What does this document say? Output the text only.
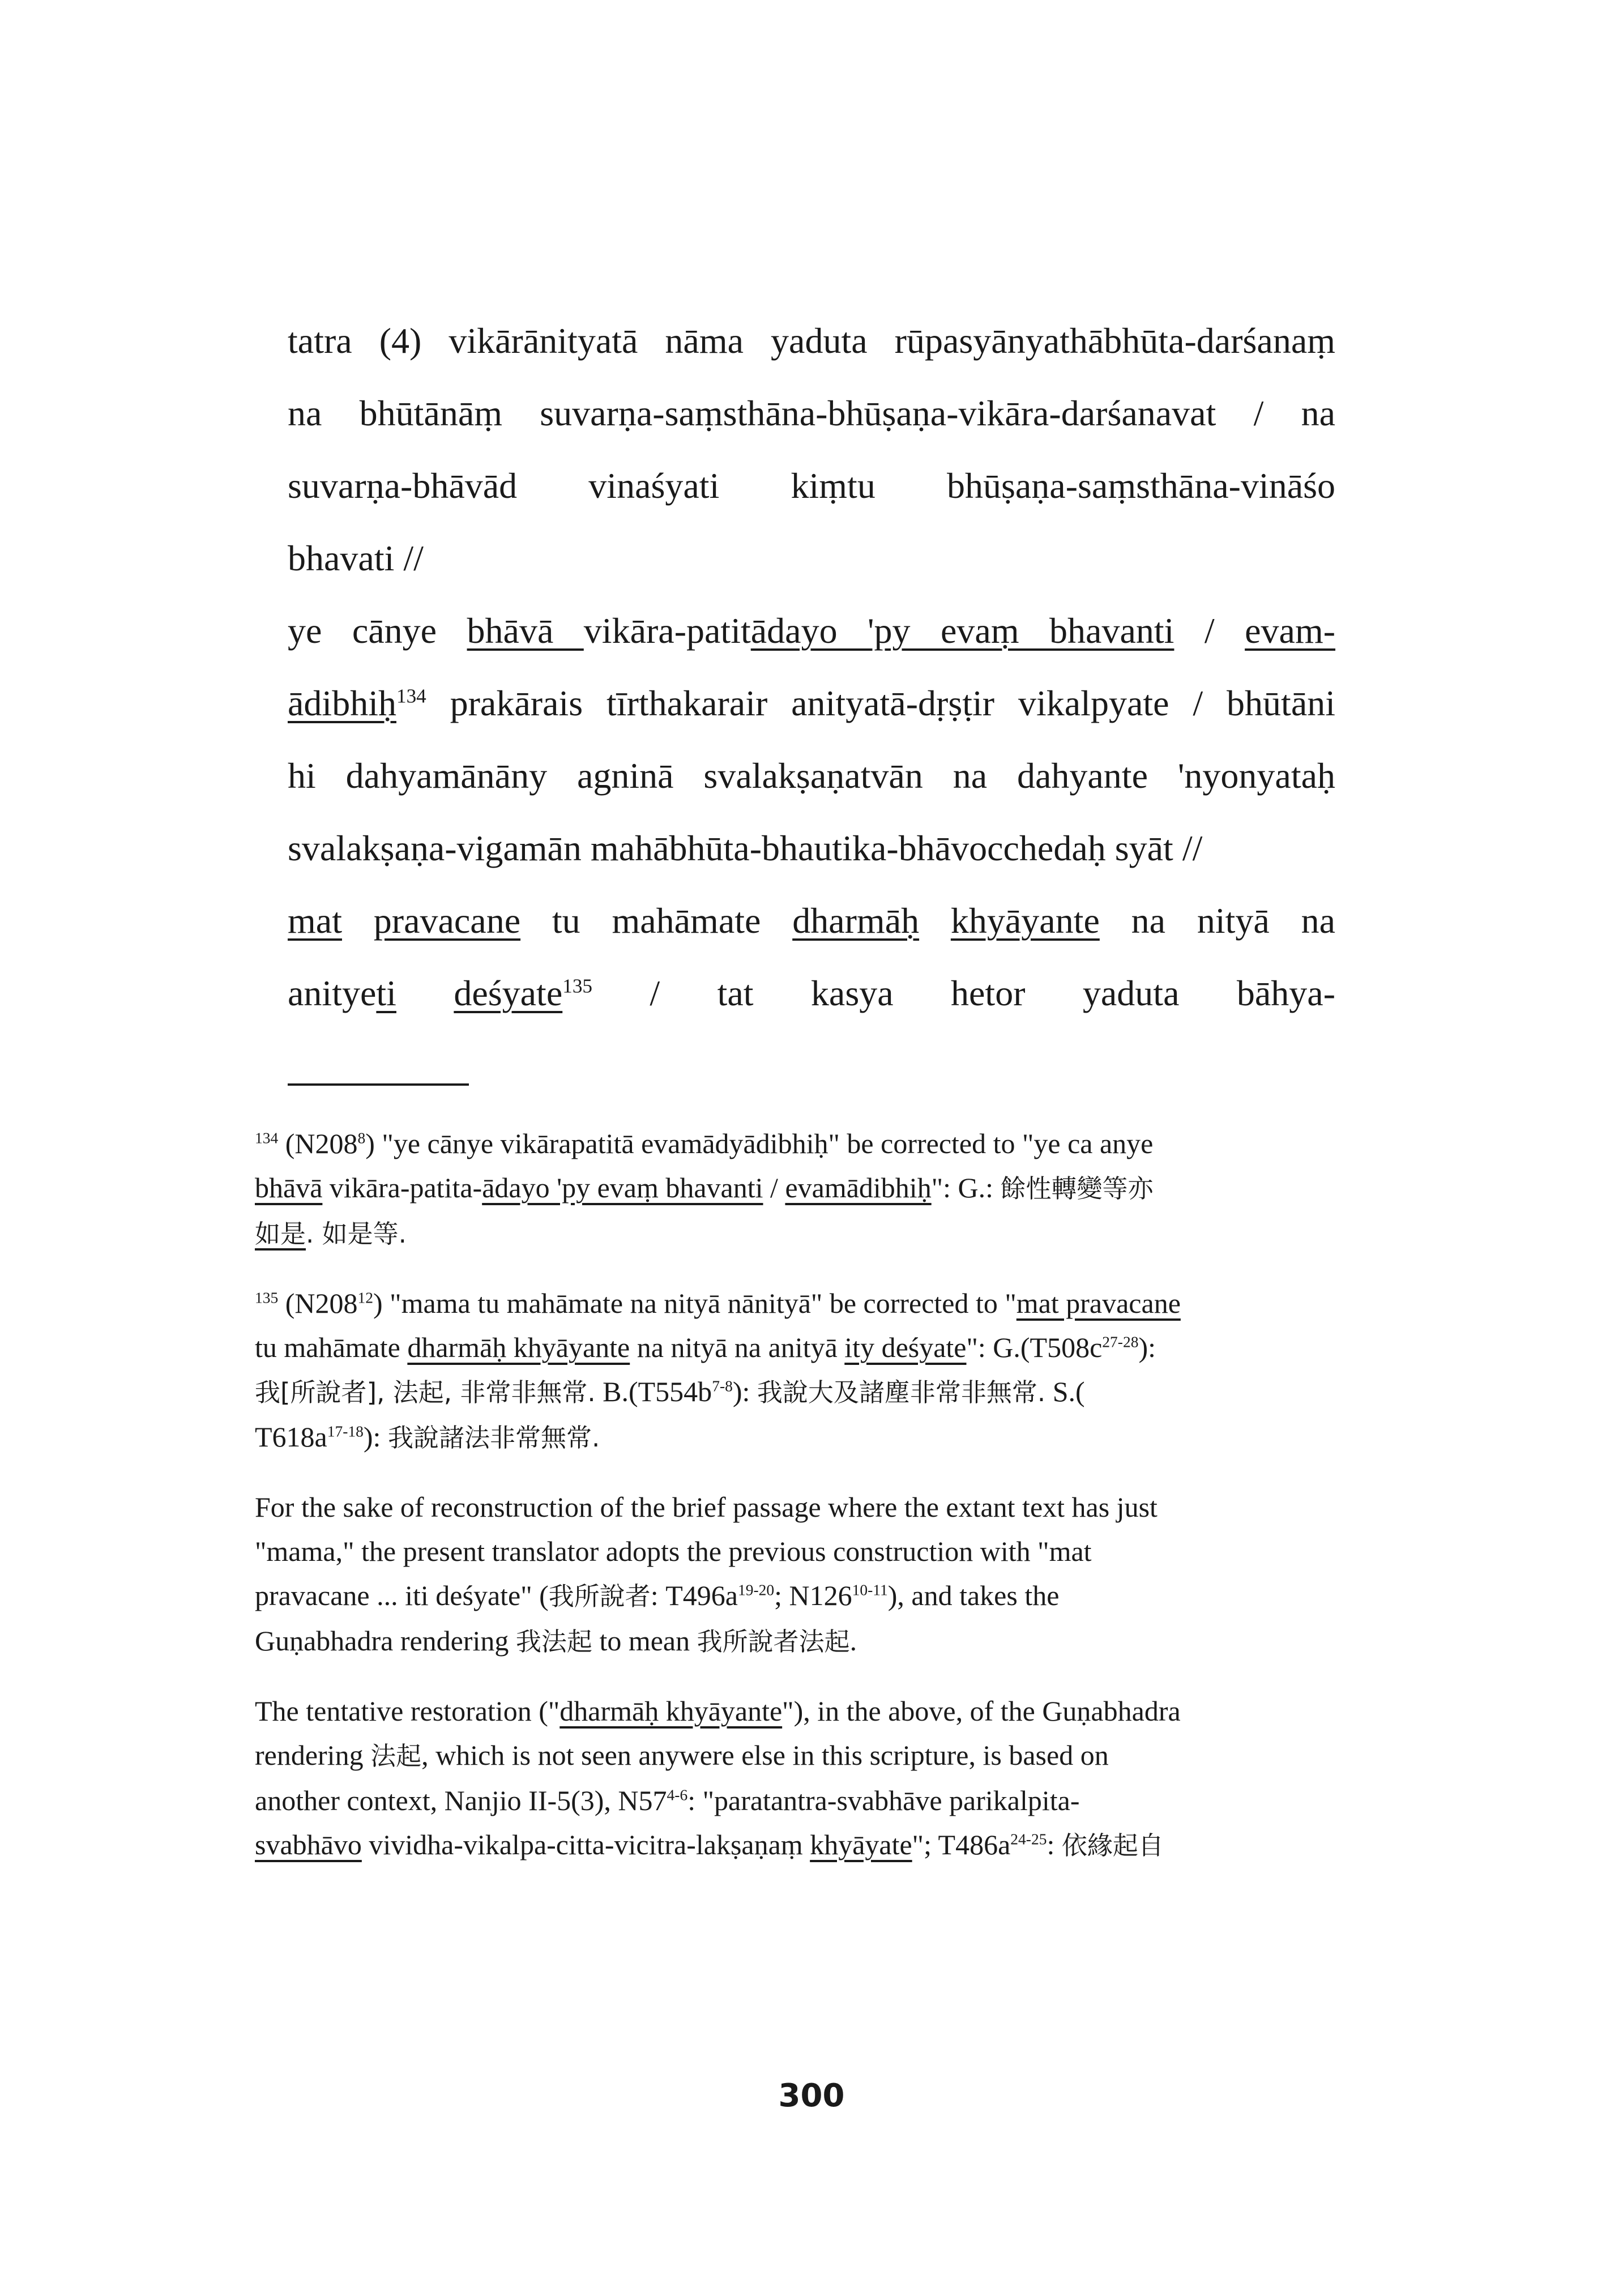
tatra (4) vikārānityatā nāma yaduta rūpasyānyathābhūta-darśanaṃ

na bhūtānāṃ suvarṇa-saṃsthāna-bhūṣaṇa-vikāra-darśanavat / na

suvarṇa-bhāvād vinaśyati kiṃtu bhūṣaṇa-saṃsthāna-vināśo

bhavati //

ye cānye bhāvā vikāra-patitādayo 'py evaṃ bhavanti / evam-

ādibhiḥ$^{134}$ prakārais tīrthakarair anityatā-dṛṣṭir vikalpyate / bhūtāni

hi dahyamānāny agninā svalakṣaṇatvān na dahyante 'nyonyataḥ

svalakṣaṇa-vigamān mahābhūta-bhautika-bhāvocchedaḥ syāt //

mat pravacane tu mahāmate dharmāḥ khyāyante na nityā na

anityeti deśyate$^{135}$ / tat kasya hetor yaduta bāhya-

$^{134}$ $(N208^8)$ "ye cānye vikārapatitā evamādyādibhiḥ" be corrected to "ye ca anye

bhāvā vikāra-patita-ādayo 'py evaṃ bhavanti / evamādibhiḥ": G.: 餘性轉變等亦

如是. 如是等.

$^{135}$ $(N208^{12})$ "mama tu mahāmate na nityā nānityā" be corrected to "mat pravacane

tu mahāmate dharmāḥ khyāyante na nityā na anityā ity deśyate": $G.(T508c^{27-28})$:

我[所說者], 法起, 非常非無常. $B.(T554b^{7-8})$: 我說大及諸塵非常非無常. S.(

$T618a^{17-18}$): 我說諸法非常無常.

For the sake of reconstruction of the brief passage where the extant text has just

"mama," the present translator adopts the previous construction with "mat

pravacane ... iti deśyate" (我所說者: $T496a^{19-20}$; N126$^{10-11}$), and takes the

Guṇabhadra rendering 我法起 to mean 我所說者法起.

The tentative restoration ("dharmāḥ khyāyante"), in the above, of the Guṇabhadra

rendering 法起, which is not seen anywere else in this scripture, is based on

another context, Nanjio II-5(3), N57$^{4-6}$: "paratantra-svabhāve parikalpita-

svabhāvo vividha-vikalpa-citta-vicitra-lakṣaṇaṃ khyāyate"; $T486a^{24-25}$: 依緣起自

300
